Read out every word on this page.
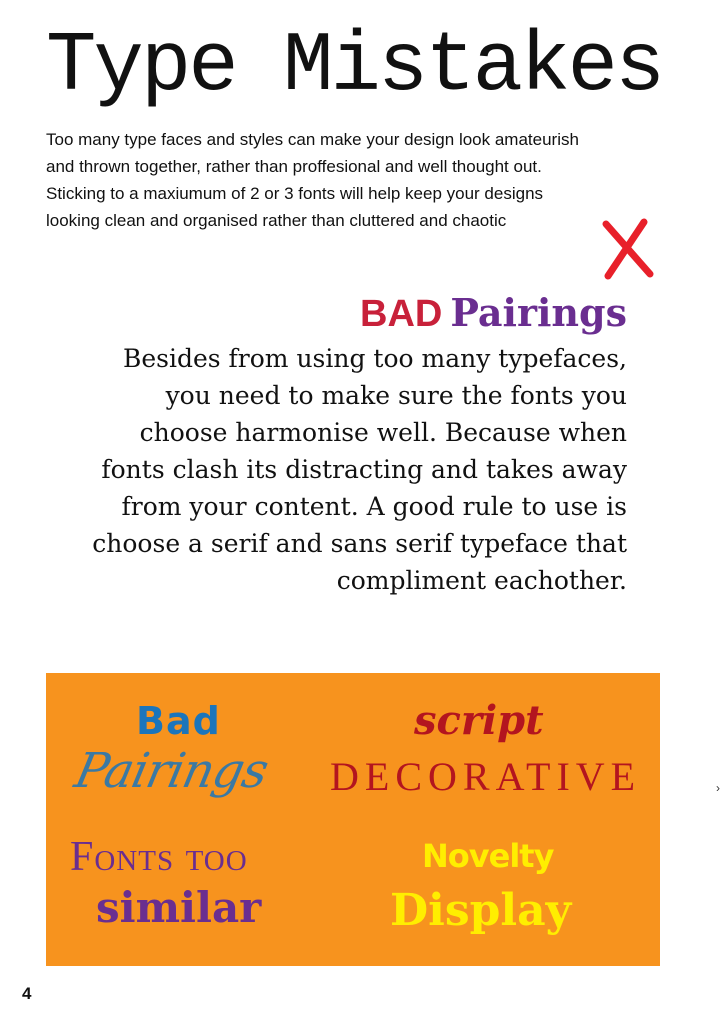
Type Mistakes
Too many type faces and styles can make your design look amateurish
and thrown together, rather than proffesional and well thought out.
Sticking to a maxiumum of 2 or 3 fonts will help keep your designs
looking clean and organised rather than cluttered and chaotic
BAD Pairings
Besides from using too many typefaces,
you need to make sure the fonts you
choose harmonise well. Because when
fonts clash its distracting and takes away
from your content. A good rule to use is
choose a serif and sans serif typeface that
compliment eachother.
Bad
Pairings
script
DECORATIVE
Fonts too
similar
Novelty
Display
4
›
